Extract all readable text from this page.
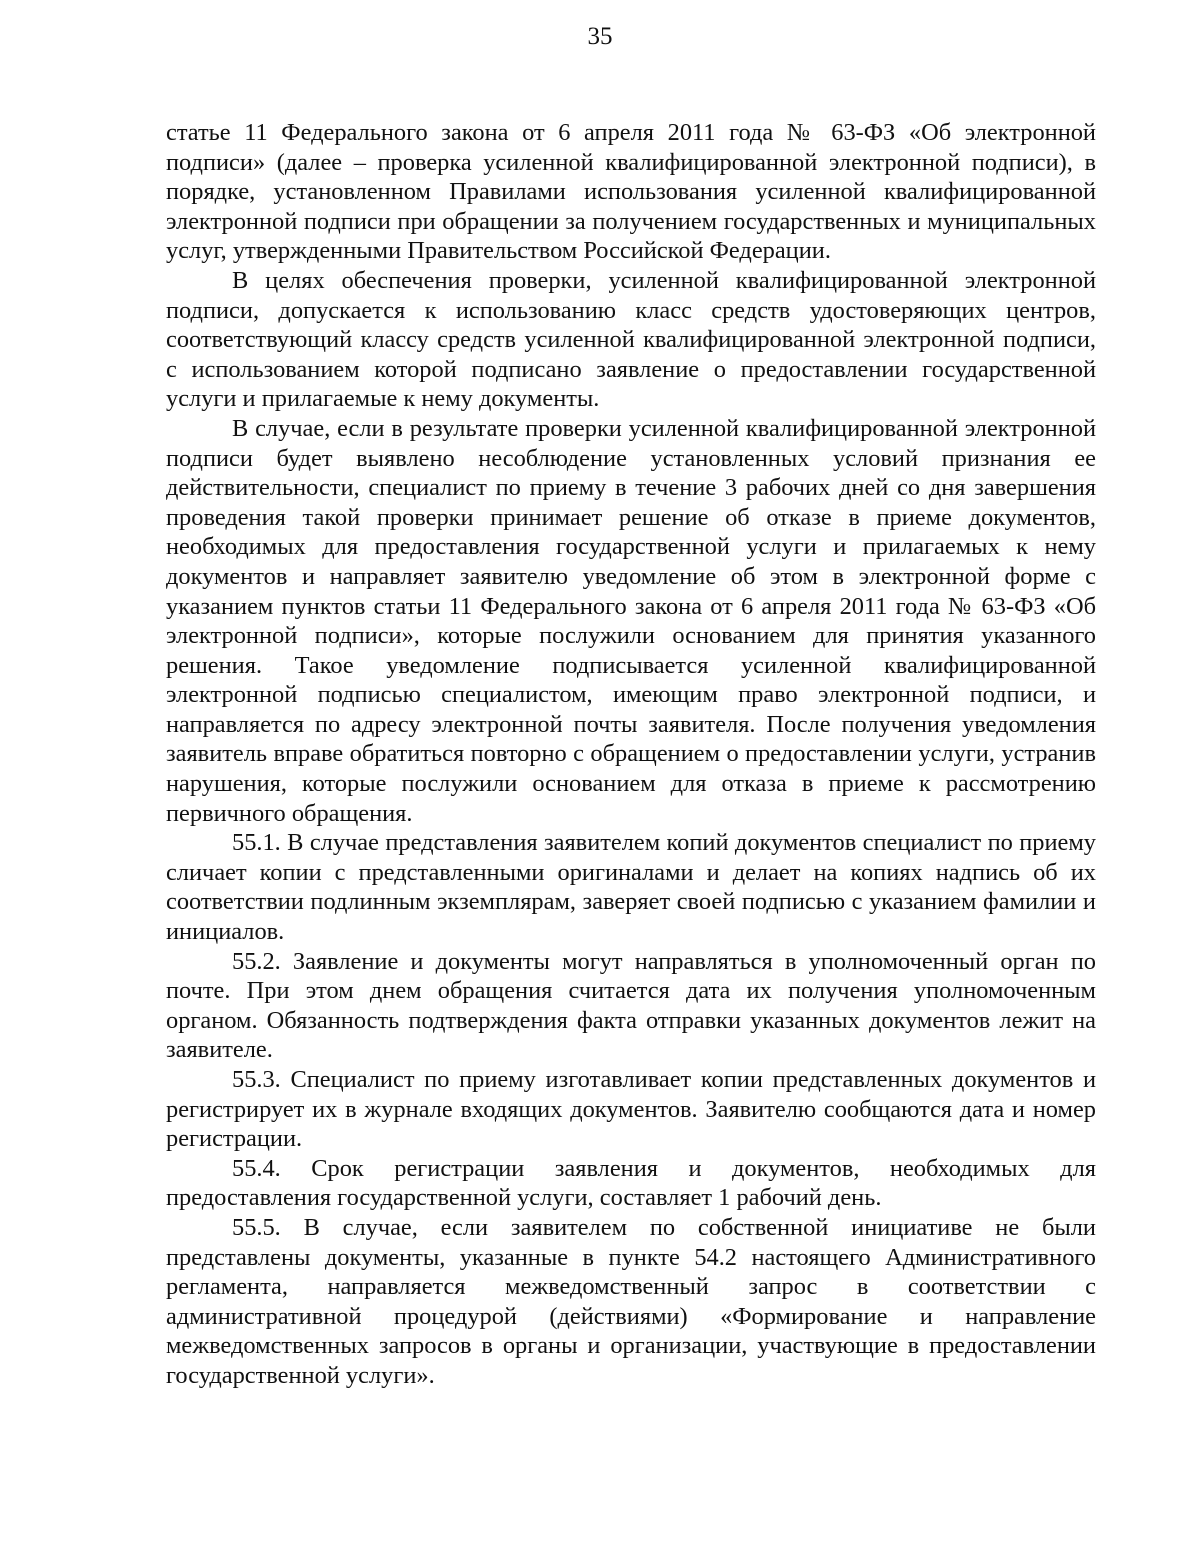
35

статье 11 Федерального закона от 6 апреля 2011 года № 63-ФЗ «Об электронной подписи» (далее – проверка усиленной квалифицированной электронной подписи), в порядке, установленном Правилами использования усиленной квалифицированной электронной подписи при обращении за получением государственных и муниципальных услуг, утвержденными Правительством Российской Федерации.

В целях обеспечения проверки, усиленной квалифицированной электронной подписи, допускается к использованию класс средств удостоверяющих центров, соответствующий классу средств усиленной квалифицированной электронной подписи, с использованием которой подписано заявление о предоставлении государственной услуги и прилагаемые к нему документы.

В случае, если в результате проверки усиленной квалифицированной электронной подписи будет выявлено несоблюдение установленных условий признания ее действительности, специалист по приему в течение 3 рабочих дней со дня завершения проведения такой проверки принимает решение об отказе в приеме документов, необходимых для предоставления государственной услуги и прилагаемых к нему документов и направляет заявителю уведомление об этом в электронной форме с указанием пунктов статьи 11 Федерального закона от 6 апреля 2011 года № 63-ФЗ «Об электронной подписи», которые послужили основанием для принятия указанного решения. Такое уведомление подписывается усиленной квалифицированной электронной подписью специалистом, имеющим право электронной подписи, и направляется по адресу электронной почты заявителя. После получения уведомления заявитель вправе обратиться повторно с обращением о предоставлении услуги, устранив нарушения, которые послужили основанием для отказа в приеме к рассмотрению первичного обращения.

55.1. В случае представления заявителем копий документов специалист по приему сличает копии с представленными оригиналами и делает на копиях надпись об их соответствии подлинным экземплярам, заверяет своей подписью с указанием фамилии и инициалов.

55.2. Заявление и документы могут направляться в уполномоченный орган по почте. При этом днем обращения считается дата их получения уполномоченным органом. Обязанность подтверждения факта отправки указанных документов лежит на заявителе.

55.3. Специалист по приему изготавливает копии представленных документов и регистрирует их в журнале входящих документов. Заявителю сообщаются дата и номер регистрации.

55.4. Срок регистрации заявления и документов, необходимых для предоставления государственной услуги, составляет 1 рабочий день.

55.5. В случае, если заявителем по собственной инициативе не были представлены документы, указанные в пункте 54.2 настоящего Административного регламента, направляется межведомственный запрос в соответствии с административной процедурой (действиями) «Формирование и направление межведомственных запросов в органы и организации, участвующие в предоставлении государственной услуги».
